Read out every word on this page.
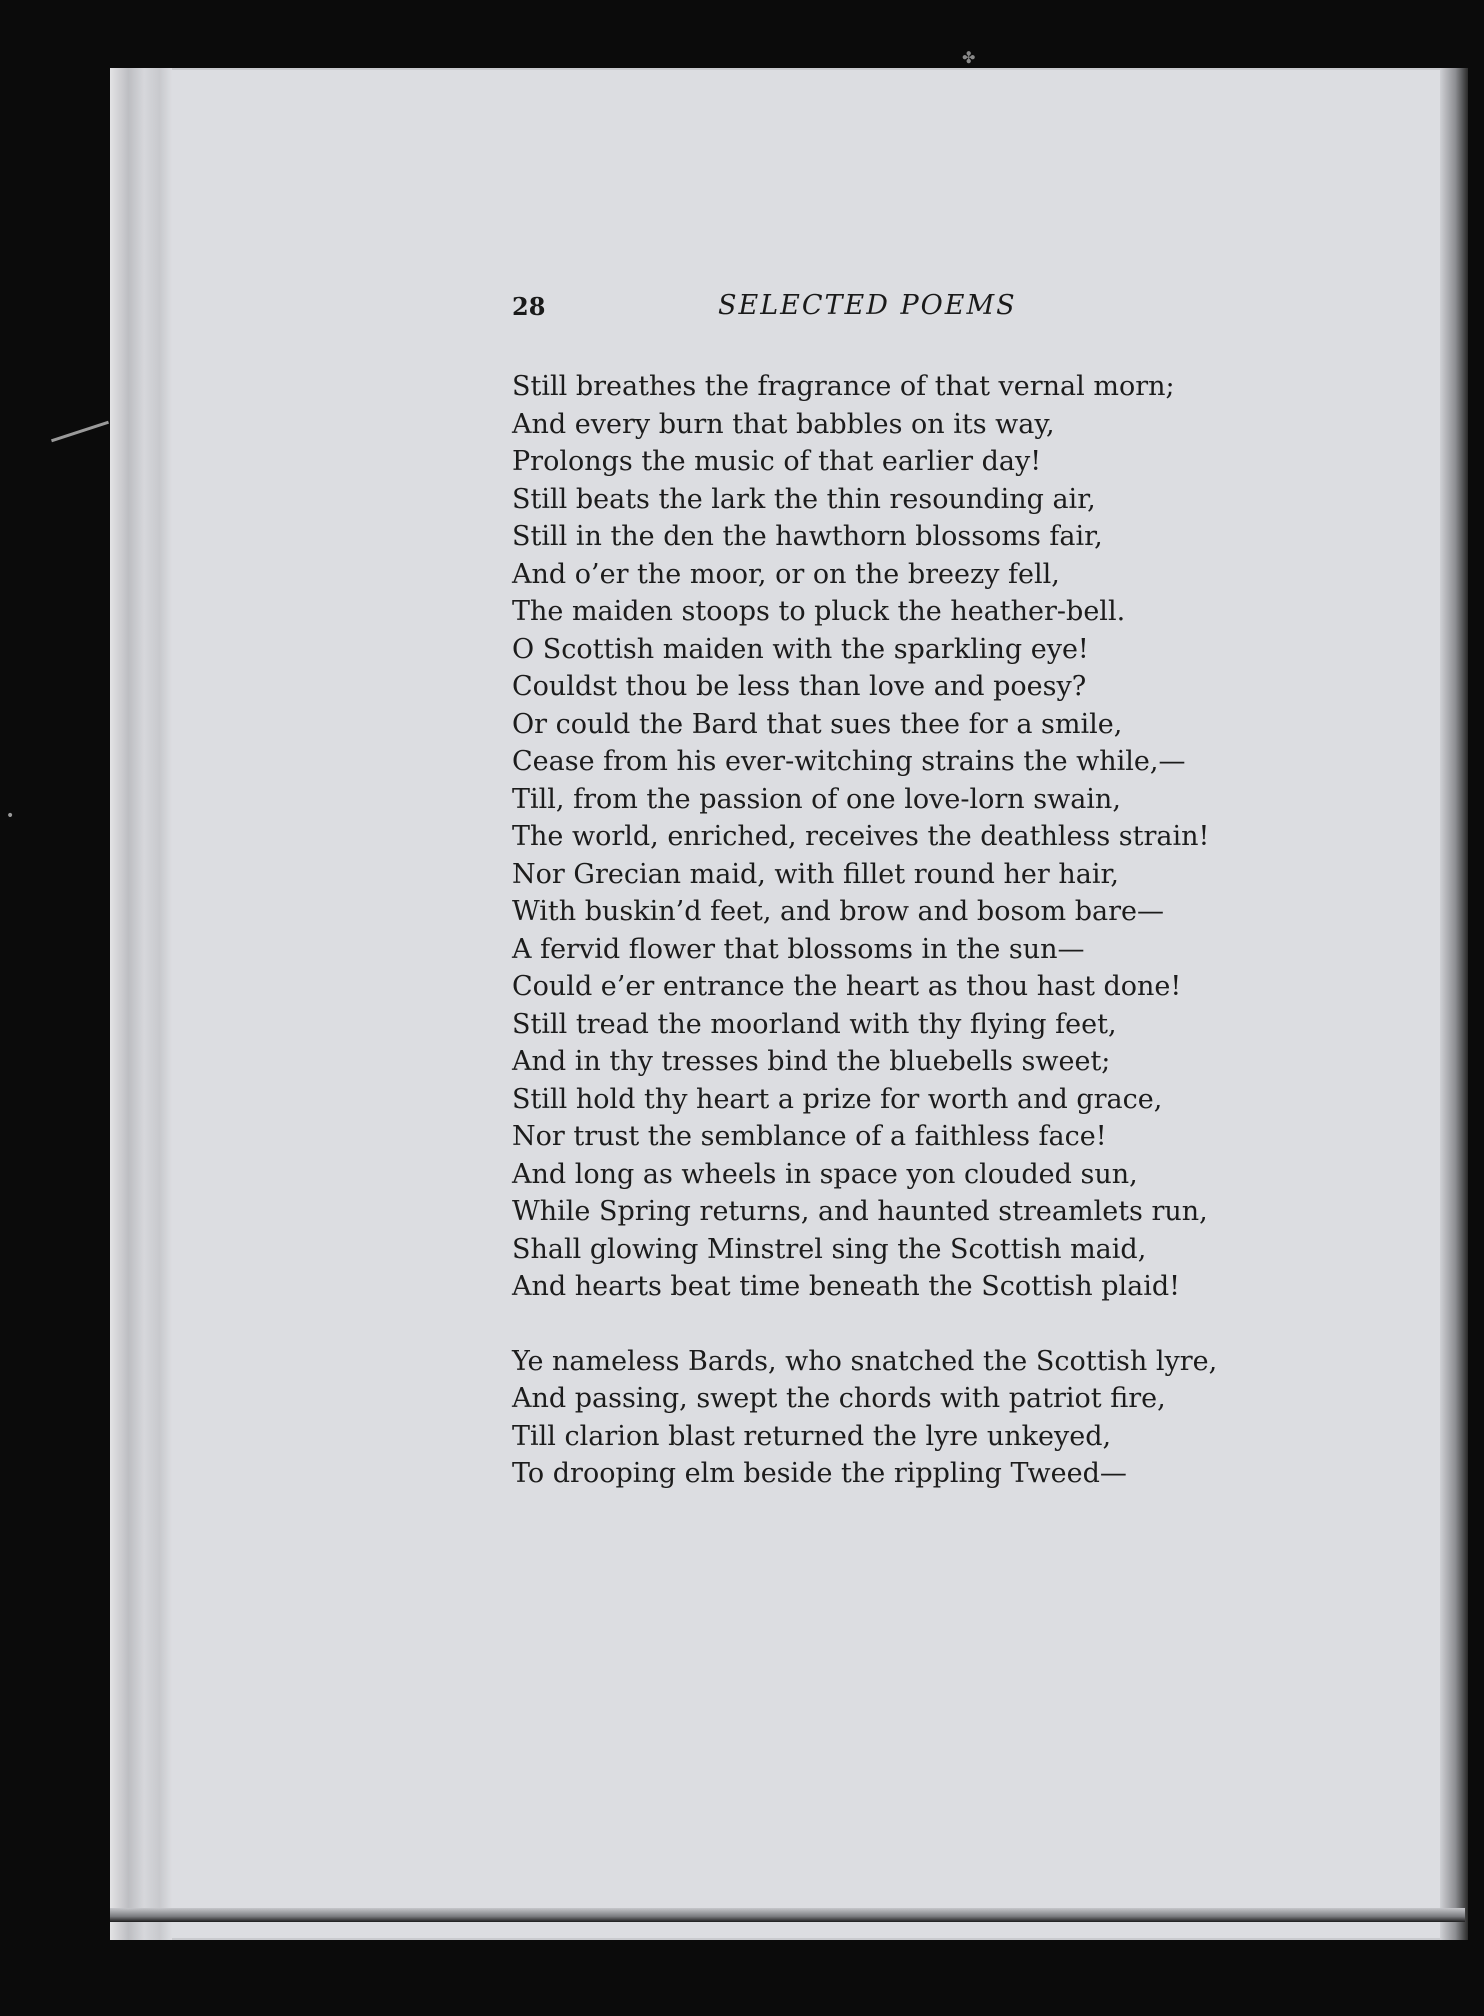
✤
•
28	SELECTED POEMS
Still breathes the fragrance of that vernal morn;
And every burn that babbles on its way,
Prolongs the music of that earlier day!
Still beats the lark the thin resounding air,
Still in the den the hawthorn blossoms fair,
And o’er the moor, or on the breezy fell,
The maiden stoops to pluck the heather-bell.
O Scottish maiden with the sparkling eye!
Couldst thou be less than love and poesy?
Or could the Bard that sues thee for a smile,
Cease from his ever-witching strains the while,—
Till, from the passion of one love-lorn swain,
The world, enriched, receives the deathless strain!
Nor Grecian maid, with fillet round her hair,
With buskin’d feet, and brow and bosom bare—
A fervid flower that blossoms in the sun—
Could e’er entrance the heart as thou hast done!
Still tread the moorland with thy flying feet,
And in thy tresses bind the bluebells sweet;
Still hold thy heart a prize for worth and grace,
Nor trust the semblance of a faithless face!
And long as wheels in space yon clouded sun,
While Spring returns, and haunted streamlets run,
Shall glowing Minstrel sing the Scottish maid,
And hearts beat time beneath the Scottish plaid!
Ye nameless Bards, who snatched the Scottish lyre,
And passing, swept the chords with patriot fire,
Till clarion blast returned the lyre unkeyed,
To drooping elm beside the rippling Tweed—
